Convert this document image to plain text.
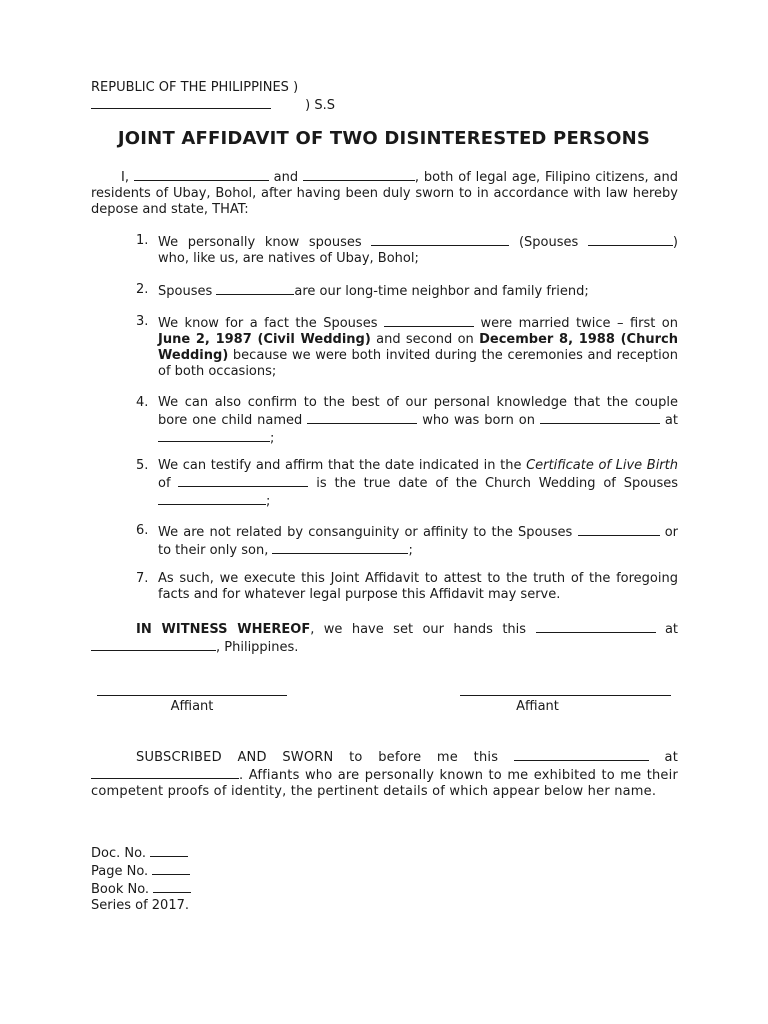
REPUBLIC OF THE PHILIPPINES )
) S.S
JOINT AFFIDAVIT OF TWO DISINTERESTED PERSONS
I,	and	, both of legal age, Filipino citizens, and residents of Ubay, Bohol, after having been duly sworn to in accordance with law hereby depose and state, THAT:
1. We personally know spouses	(Spouses	) who, like us, are natives of Ubay, Bohol;
2. Spouses	are our long-time neighbor and family friend;
3. We know for a fact the Spouses	were married twice – first on June 2, 1987 (Civil Wedding) and second on December 8, 1988 (Church Wedding) because we were both invited during the ceremonies and reception of both occasions;
4. We can also confirm to the best of our personal knowledge that the couple bore one child named	who was born on	at ;
5. We can testify and affirm that the date indicated in the Certificate of Live Birth of	is the true date of the Church Wedding of Spouses ;
6. We are not related by consanguinity or affinity to the Spouses	or to their only son,	;
7. As such, we execute this Joint Affidavit to attest to the truth of the foregoing facts and for whatever legal purpose this Affidavit may serve.
IN WITNESS WHEREOF, we have set our hands this	at , Philippines.
Affiant	Affiant
SUBSCRIBED AND SWORN to before me this	at . Affiants who are personally known to me exhibited to me their competent proofs of identity, the pertinent details of which appear below her name.
Doc. No.
Page No.
Book No.
Series of 2017.
